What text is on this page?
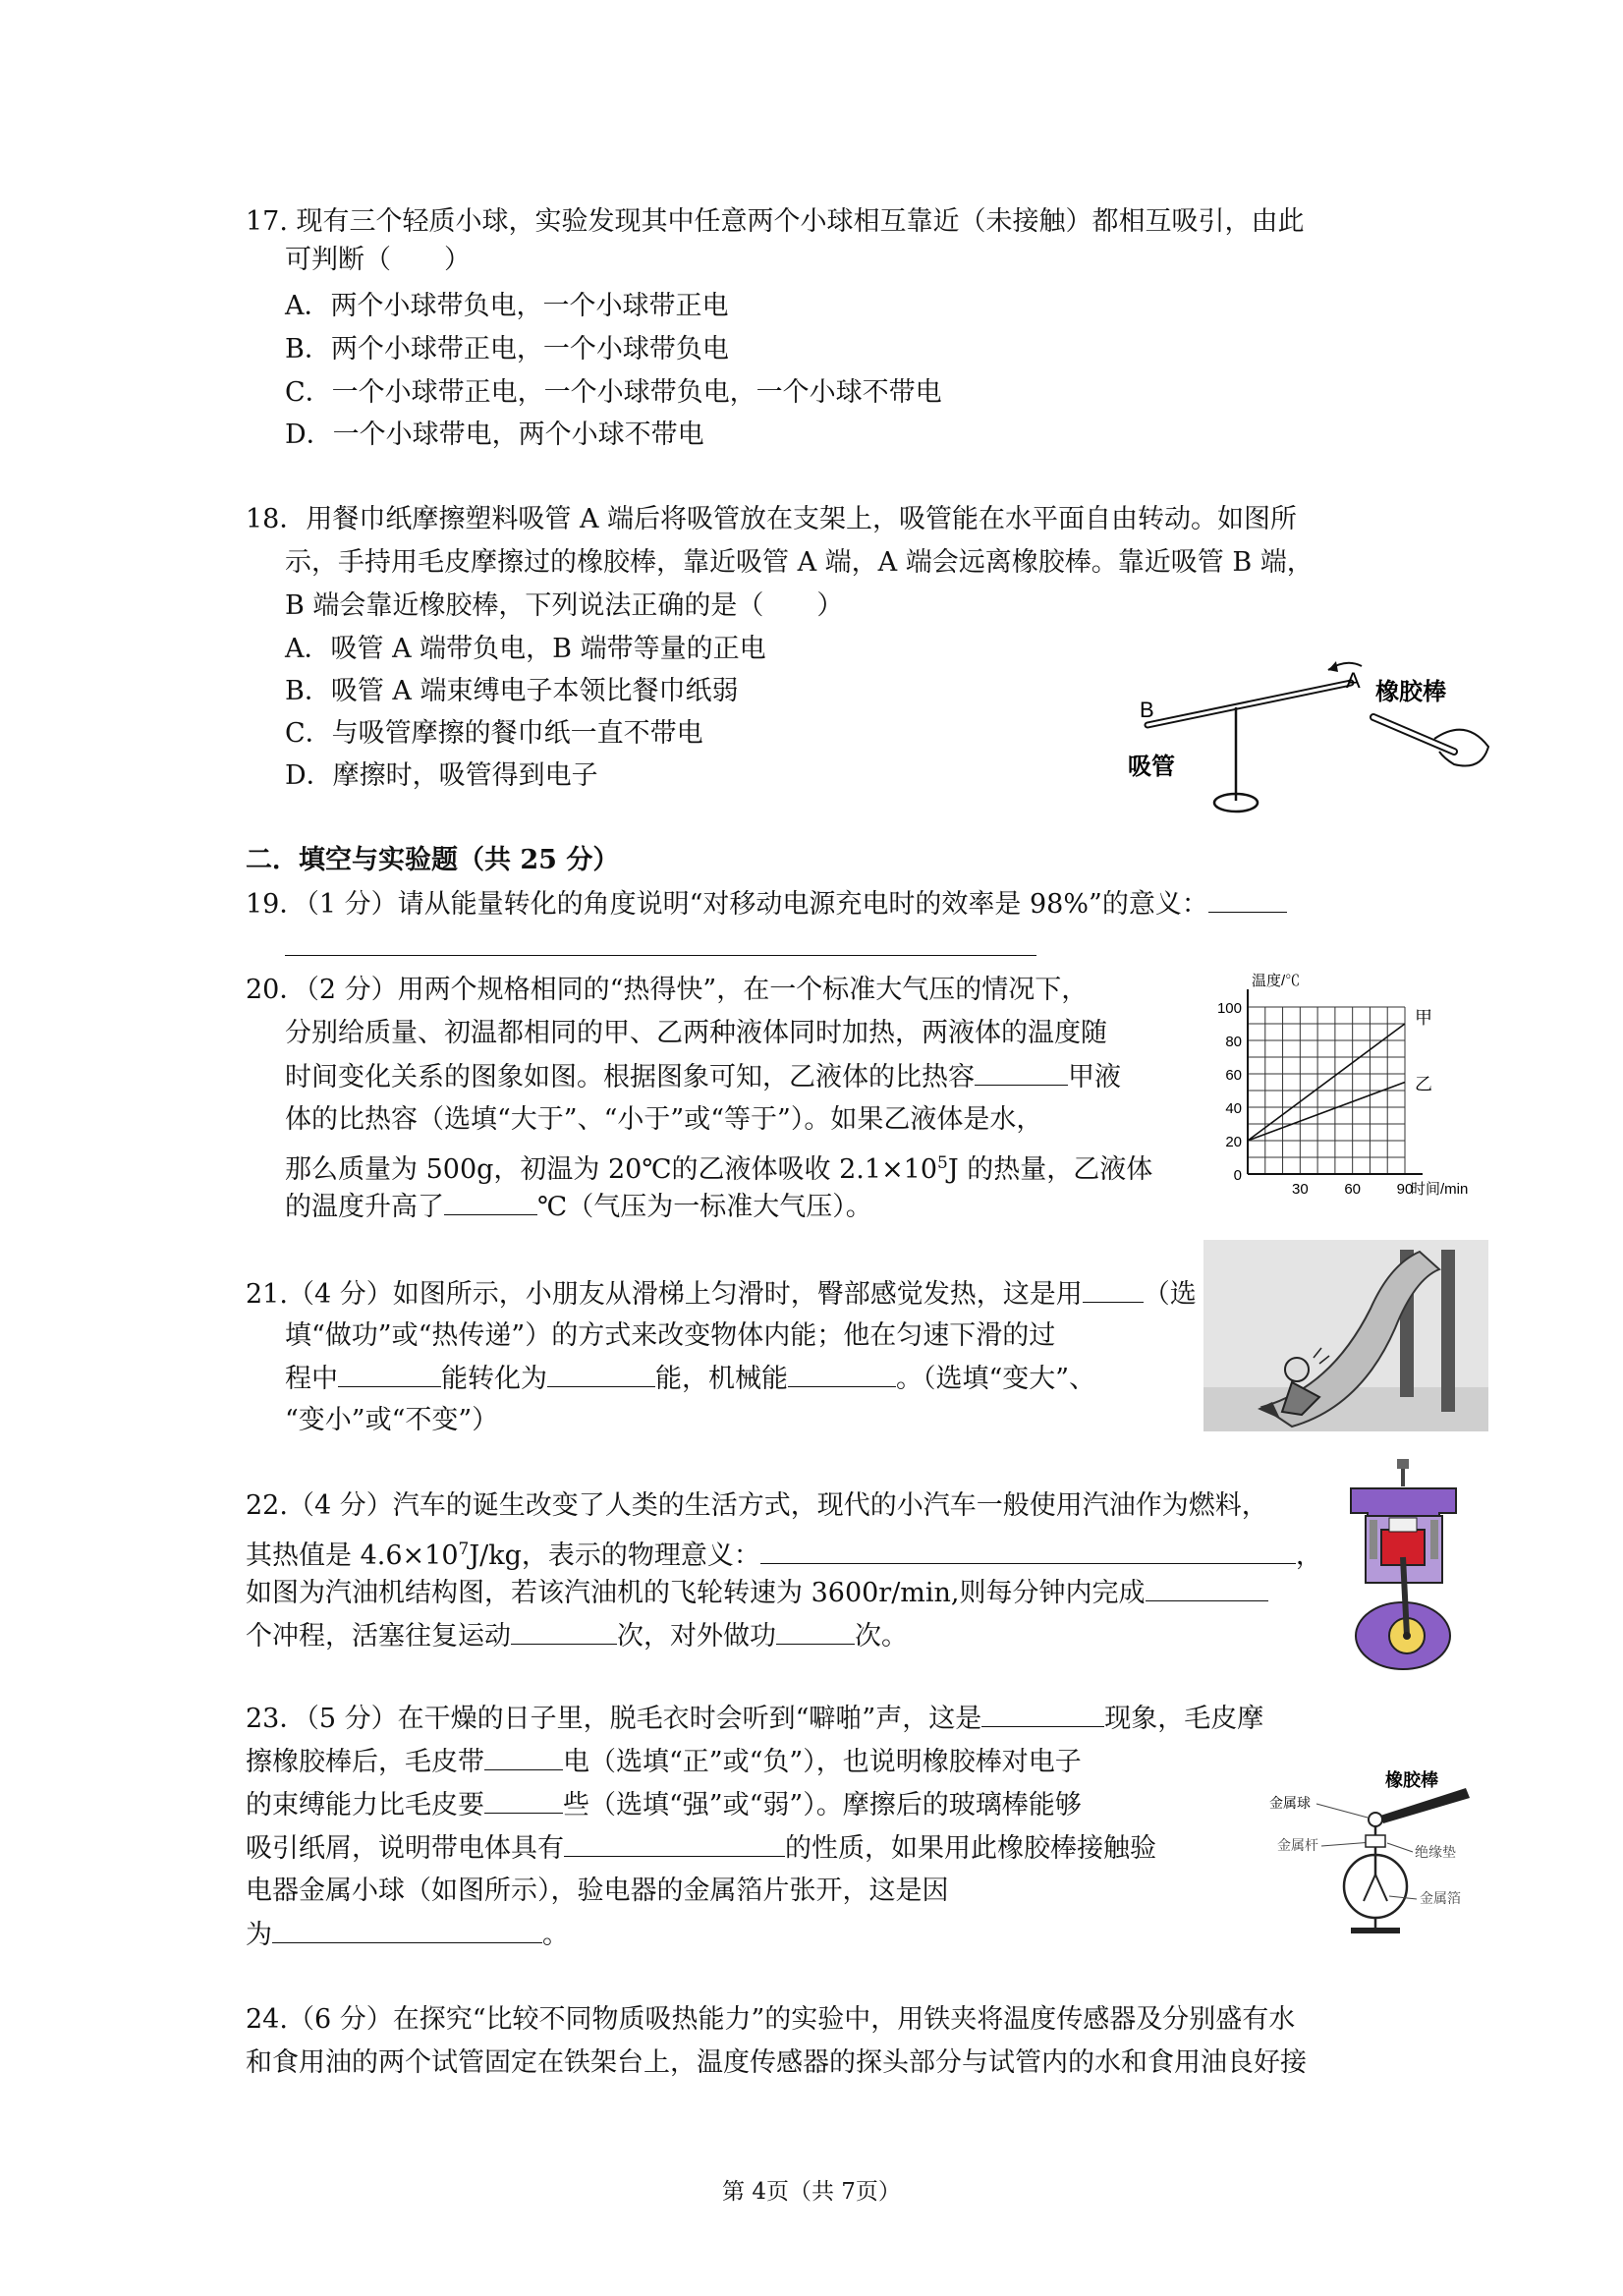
17. 现有三个轻质小球，实验发现其中任意两个小球相互靠近（未接触）都相互吸引，由此
可判断（　　）
A．两个小球带负电，一个小球带正电
B．两个小球带正电，一个小球带负电
C．一个小球带正电，一个小球带负电，一个小球不带电
D．一个小球带电，两个小球不带电
18．用餐巾纸摩擦塑料吸管 A 端后将吸管放在支架上，吸管能在水平面自由转动。如图所
示，手持用毛皮摩擦过的橡胶棒，靠近吸管 A 端，A 端会远离橡胶棒。靠近吸管 B 端，
B 端会靠近橡胶棒，下列说法正确的是（　　）
A．吸管 A 端带负电，B 端带等量的正电
B．吸管 A 端束缚电子本领比餐巾纸弱
C．与吸管摩擦的餐巾纸一直不带电
D．摩擦时，吸管得到电子
A
B
吸管
橡胶棒
二．填空与实验题（共 25 分）
19．（1 分）请从能量转化的角度说明“对移动电源充电时的效率是 98%”的意义：
20．（2 分）用两个规格相同的“热得快”，在一个标准大气压的情况下，
分别给质量、初温都相同的甲、乙两种液体同时加热，两液体的温度随
时间变化关系的图象如图。根据图象可知，乙液体的比热容	甲液
体的比热容（选填“大于”、“小于”或“等于”）。如果乙液体是水，
那么质量为 500g，初温为 20℃的乙液体吸收 $2.1\times 10^5J$ 的热量，乙液体
的温度升高了	℃（气压为一标准大气压）。
0
20
40
60
80
100
30 60 90
温度/℃
时间/min
甲
乙
21.（4 分）如图所示，小朋友从滑梯上匀滑时，臀部感觉发热，这是用 （选
填“做功”或“热传递”）的方式来改变物体内能；他在匀速下滑的过
程中	能转化为	能，机械能	。（选填“变大”、
“变小”或“不变”）
22.（4 分）汽车的诞生改变了人类的生活方式，现代的小汽车一般使用汽油作为燃料，
其热值是 $4.6\times 10^7J/kg$，表示的物理意义：	，
如图为汽油机结构图，若该汽油机的飞轮转速为 3600r/min,则每分钟内完成
个冲程，活塞往复运动	次，对外做功	次。
23．（5 分）在干燥的日子里，脱毛衣时会听到“噼啪”声，这是	现象，毛皮摩
擦橡胶棒后，毛皮带	电（选填“正”或“负”），也说明橡胶棒对电子
的束缚能力比毛皮要	些（选填“强”或“弱”）。摩擦后的玻璃棒能够
吸引纸屑，说明带电体具有	的性质，如果用此橡胶棒接触验
电器金属小球（如图所示），验电器的金属箔片张开，这是因
为	。
橡胶棒
金属球
金属杆	绝缘垫
金属箔
24.（6 分）在探究“比较不同物质吸热能力”的实验中，用铁夹将温度传感器及分别盛有水
和食用油的两个试管固定在铁架台上，温度传感器的探头部分与试管内的水和食用油良好接
第 4页（共 7页）
